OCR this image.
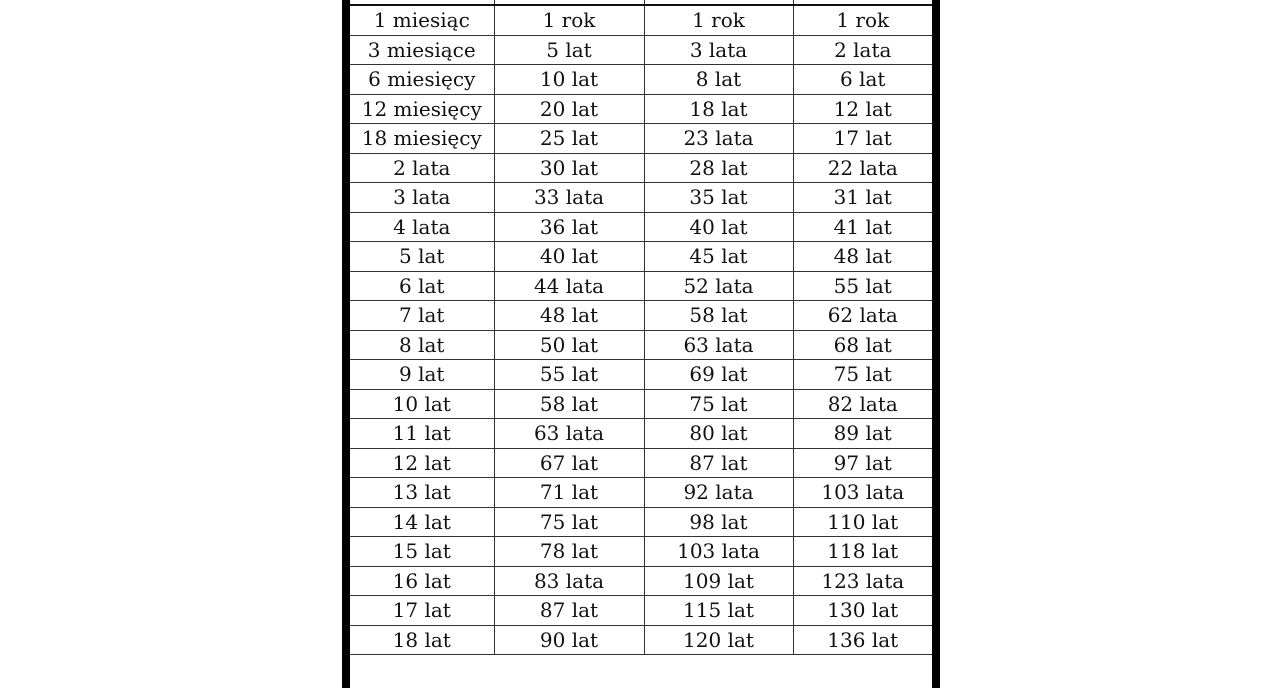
1 miesiąc	1 rok	1 rok	1 rok
3 miesiące	5 lat	3 lata	2 lata
6 miesięcy	10 lat	8 lat	6 lat
12 miesięcy	20 lat	18 lat	12 lat
18 miesięcy	25 lat	23 lata	17 lat
2 lata	30 lat	28 lat	22 lata
3 lata	33 lata	35 lat	31 lat
4 lata	36 lat	40 lat	41 lat
5 lat	40 lat	45 lat	48 lat
6 lat	44 lata	52 lata	55 lat
7 lat	48 lat	58 lat	62 lata
8 lat	50 lat	63 lata	68 lat
9 lat	55 lat	69 lat	75 lat
10 lat	58 lat	75 lat	82 lata
11 lat	63 lata	80 lat	89 lat
12 lat	67 lat	87 lat	97 lat
13 lat	71 lat	92 lata	103 lata
14 lat	75 lat	98 lat	110 lat
15 lat	78 lat	103 lata	118 lat
16 lat	83 lata	109 lat	123 lata
17 lat	87 lat	115 lat	130 lat
18 lat	90 lat	120 lat	136 lat
